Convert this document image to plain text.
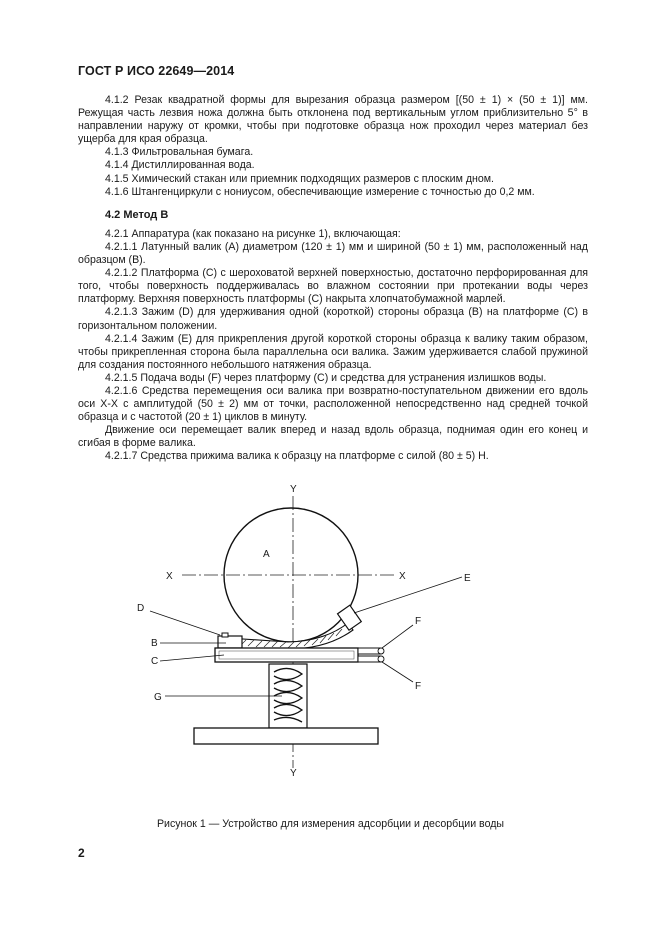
ГОСТ Р ИСО 22649—2014

4.1.2 Резак квадратной формы для вырезания образца размером [(50 ± 1) × (50 ± 1)] мм. Режущая часть лезвия ножа должна быть отклонена под вертикальным углом приблизительно 5° в направлении наружу от кромки, чтобы при подготовке образца нож проходил через материал без ущерба для края образца.

4.1.3 Фильтровальная бумага.

4.1.4 Дистиллированная вода.

4.1.5 Химический стакан или приемник подходящих размеров с плоским дном.

4.1.6 Штангенциркули с нониусом, обеспечивающие измерение с точностью до 0,2 мм.

4.2 Метод В

4.2.1 Аппаратура (как показано на рисунке 1), включающая:

4.2.1.1 Латунный валик (A) диаметром (120 ± 1) мм и шириной (50 ± 1) мм, расположенный над образцом (B).

4.2.1.2 Платформа (C) с шероховатой верхней поверхностью, достаточно перфорированная для того, чтобы поверхность поддерживалась во влажном состоянии при протекании воды через платформу. Верхняя поверхность платформы (C) накрыта хлопчатобумажной марлей.

4.2.1.3 Зажим (D) для удерживания одной (короткой) стороны образца (B) на платформе (C) в горизонтальном положении.

4.2.1.4 Зажим (E) для прикрепления другой короткой стороны образца к валику таким образом, чтобы прикрепленная сторона была параллельна оси валика. Зажим удерживается слабой пружиной для создания постоянного небольшого натяжения образца.

4.2.1.5 Подача воды (F) через платформу (C) и средства для устранения излишков воды.

4.2.1.6 Средства перемещения оси валика при возвратно-поступательном движении его вдоль оси X-X с амплитудой (50 ± 2) мм от точки, расположенной непосредственно над средней точкой образца и с частотой (20 ± 1) циклов в минуту.

Движение оси перемещает валик вперед и назад вдоль образца, поднимая один его конец и сгибая в форме валика.

4.2.1.7 Средства прижима валика к образцу на платформе с силой (80 ± 5) Н.

Y
Y
X	X
A
D
E
B
C
F
F
G
Рисунок 1 — Устройство для измерения адсорбции и десорбции воды
2
